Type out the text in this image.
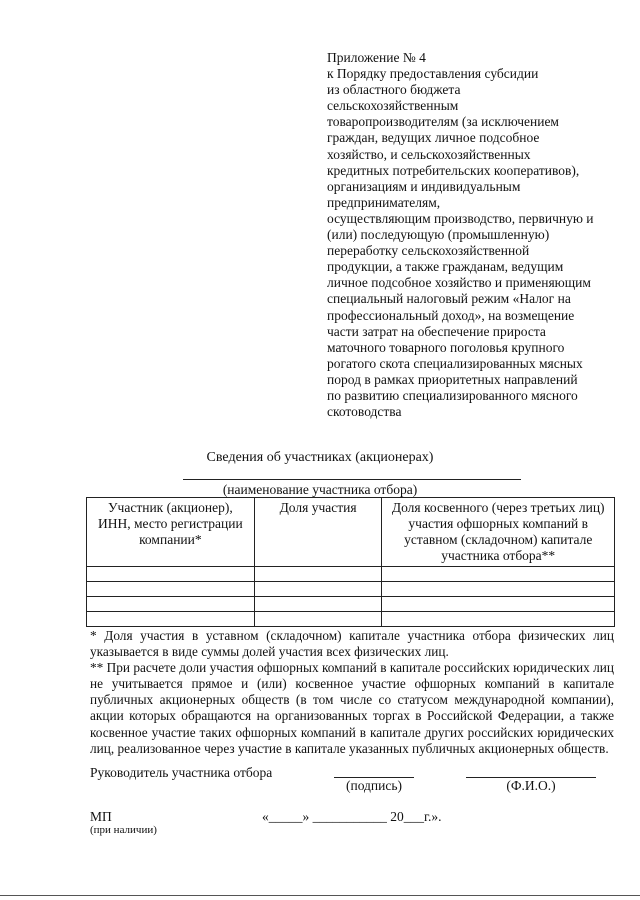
Приложение № 4
к Порядку предоставления субсидии
из областного бюджета
сельскохозяйственным
товаропроизводителям (за исключением
граждан, ведущих личное подсобное
хозяйство, и сельскохозяйственных
кредитных потребительских кооперативов),
организациям и индивидуальным
предпринимателям,
осуществляющим производство, первичную и
(или) последующую (промышленную)
переработку сельскохозяйственной
продукции, а также гражданам, ведущим
личное подсобное хозяйство и применяющим
специальный налоговый режим «Налог на
профессиональный доход», на возмещение
части затрат на обеспечение прироста
маточного товарного поголовья крупного
рогатого скота специализированных мясных
пород в рамках приоритетных направлений
по развитию специализированного мясного
скотоводства
Сведения об участниках (акционерах)
(наименование участника отбора)
Участник (акционер), ИНН, место регистрации компании*	Доля участия	Доля косвенного (через третьих лиц) участия офшорных компаний в уставном (складочном) капитале участника отбора**

* Доля участия в уставном (складочном) капитале участника отбора физических лиц указывается в виде суммы долей участия всех физических лиц.

** При расчете доли участия офшорных компаний в капитале российских юридических лиц не учитывается прямое и (или) косвенное участие офшорных компаний в капитале публичных акционерных обществ (в том числе со статусом международной компании), акции которых обращаются на организованных торгах в Российской Федерации, а также косвенное участие таких офшорных компаний в капитале других российских юридических лиц, реализованное через участие в капитале указанных публичных акционерных обществ.

Руководитель участника отбора
(подпись)	(Ф.И.О.)
МП
(при наличии)
«_____» ___________ 20___г.».
